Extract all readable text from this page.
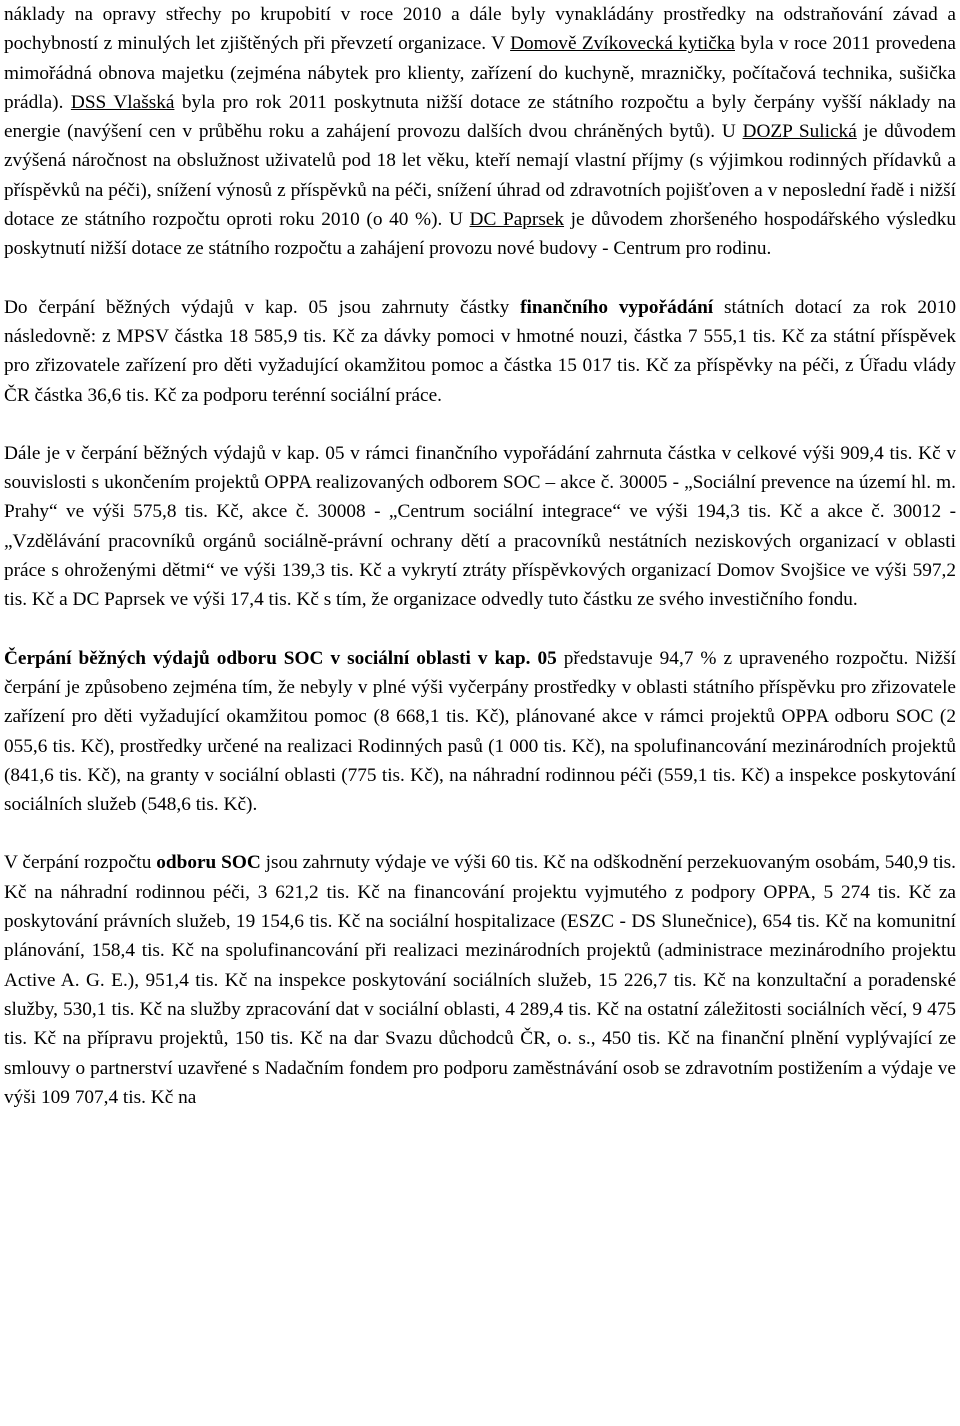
náklady na opravy střechy po krupobití v roce 2010 a dále byly vynakládány prostředky na odstraňování závad a pochybností z minulých let zjištěných při převzetí organizace. V Domově Zvíkovecká kytička byla v roce 2011 provedena mimořádná obnova majetku (zejména nábytek pro klienty, zařízení do kuchyně, mrazničky, počítačová technika, sušička prádla). DSS Vlašská byla pro rok 2011 poskytnuta nižší dotace ze státního rozpočtu a byly čerpány vyšší náklady na energie (navýšení cen v průběhu roku a zahájení provozu dalších dvou chráněných bytů). U DOZP Sulická je důvodem zvýšená náročnost na obslužnost uživatelů pod 18 let věku, kteří nemají vlastní příjmy (s výjimkou rodinných přídavků a příspěvků na péči), snížení výnosů z příspěvků na péči, snížení úhrad od zdravotních pojišťoven a v neposlední řadě i nižší dotace ze státního rozpočtu oproti roku 2010 (o 40 %). U DC Paprsek je důvodem zhoršeného hospodářského výsledku poskytnutí nižší dotace ze státního rozpočtu a zahájení provozu nové budovy - Centrum pro rodinu.

Do čerpání běžných výdajů v kap. 05 jsou zahrnuty částky finančního vypořádání státních dotací za rok 2010 následovně: z MPSV částka 18 585,9 tis. Kč za dávky pomoci v hmotné nouzi, částka 7 555,1 tis. Kč za státní příspěvek pro zřizovatele zařízení pro děti vyžadující okamžitou pomoc a částka 15 017 tis. Kč za příspěvky na péči, z Úřadu vlády ČR částka 36,6 tis. Kč za podporu terénní sociální práce.

Dále je v čerpání běžných výdajů v kap. 05 v rámci finančního vypořádání zahrnuta částka v celkové výši 909,4 tis. Kč v souvislosti s ukončením projektů OPPA realizovaných odborem SOC – akce č. 30005 - „Sociální prevence na území hl. m. Prahy“ ve výši 575,8 tis. Kč, akce č. 30008 - „Centrum sociální integrace“ ve výši 194,3 tis. Kč a akce č. 30012 - „Vzdělávání pracovníků orgánů sociálně-právní ochrany dětí a pracovníků nestátních neziskových organizací v oblasti práce s ohroženými dětmi“ ve výši 139,3 tis. Kč a vykrytí ztráty příspěvkových organizací Domov Svojšice ve výši 597,2 tis. Kč a DC Paprsek ve výši 17,4 tis. Kč s tím, že organizace odvedly tuto částku ze svého investičního fondu.

Čerpání běžných výdajů odboru SOC v sociální oblasti v kap. 05 představuje 94,7 % z upraveného rozpočtu. Nižší čerpání je způsobeno zejména tím, že nebyly v plné výši vyčerpány prostředky v oblasti státního příspěvku pro zřizovatele zařízení pro děti vyžadující okamžitou pomoc (8 668,1 tis. Kč), plánované akce v rámci projektů OPPA odboru SOC (2 055,6 tis. Kč), prostředky určené na realizaci Rodinných pasů (1 000 tis. Kč), na spolufinancování mezinárodních projektů (841,6 tis. Kč), na granty v sociální oblasti (775 tis. Kč), na náhradní rodinnou péči (559,1 tis. Kč) a inspekce poskytování sociálních služeb (548,6 tis. Kč).

V čerpání rozpočtu odboru SOC jsou zahrnuty výdaje ve výši 60 tis. Kč na odškodnění perzekuovaným osobám, 540,9 tis. Kč na náhradní rodinnou péči, 3 621,2 tis. Kč na financování projektu vyjmutého z podpory OPPA, 5 274 tis. Kč za poskytování právních služeb, 19 154,6 tis. Kč na sociální hospitalizace (ESZC - DS Slunečnice), 654 tis. Kč na komunitní plánování, 158,4 tis. Kč na spolufinancování při realizaci mezinárodních projektů (administrace mezinárodního projektu Active A. G. E.), 951,4 tis. Kč na inspekce poskytování sociálních služeb, 15 226,7 tis. Kč na konzultační a poradenské služby, 530,1 tis. Kč na služby zpracování dat v sociální oblasti, 4 289,4 tis. Kč na ostatní záležitosti sociálních věcí, 9 475 tis. Kč na přípravu projektů, 150 tis. Kč na dar Svazu důchodců ČR, o. s., 450 tis. Kč na finanční plnění vyplývající ze smlouvy o partnerství uzavřené s Nadačním fondem pro podporu zaměstnávání osob se zdravotním postižením a výdaje ve výši 109 707,4 tis. Kč na
